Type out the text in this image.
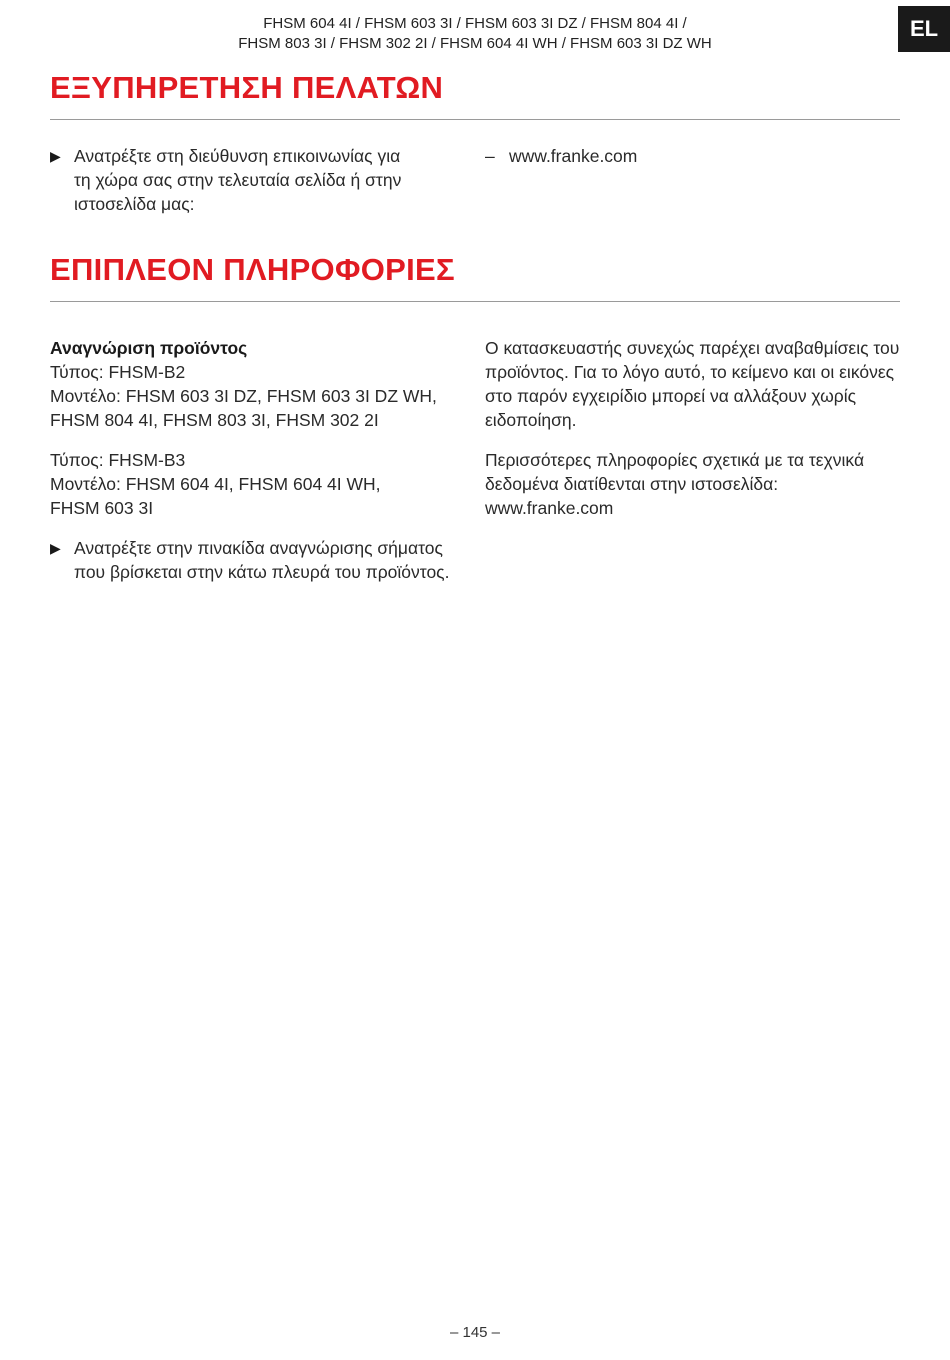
FHSM 604 4I / FHSM 603 3I / FHSM 603 3I DZ / FHSM 804 4I /
FHSM 803 3I / FHSM 302 2I / FHSM 604 4I WH / FHSM 603 3I DZ WH
EL
ΕΞΥΠΗΡΕΤΗΣΗ ΠΕΛΑΤΩΝ
▶ Ανατρέξτε στη διεύθυνση επικοινωνίας για τη χώρα σας στην τελευταία σελίδα ή στην ιστοσελίδα μας:
– www.franke.com
ΕΠΙΠΛΕΟΝ ΠΛΗΡΟΦΟΡΙΕΣ
Αναγνώριση προϊόντος

Τύπος: FHSM-B2

Μοντέλο: FHSM 603 3I DZ, FHSM 603 3I DZ WH, FHSM 804 4I, FHSM 803 3I, FHSM 302 2I

Τύπος: FHSM-B3

Μοντέλο: FHSM 604 4I, FHSM 604 4I WH, FHSM 603 3I

▶ Ανατρέξτε στην πινακίδα αναγνώρισης σήματος που βρίσκεται στην κάτω πλευρά του προϊόντος.

Ο κατασκευαστής συνεχώς παρέχει αναβαθμίσεις του προϊόντος. Για το λόγο αυτό, το κείμενο και οι εικόνες στο παρόν εγχειρίδιο μπορεί να αλλάξουν χωρίς ειδοποίηση.

Περισσότερες πληροφορίες σχετικά με τα τεχνικά δεδομένα διατίθενται στην ιστοσελίδα:

www.franke.com

– 145 –
